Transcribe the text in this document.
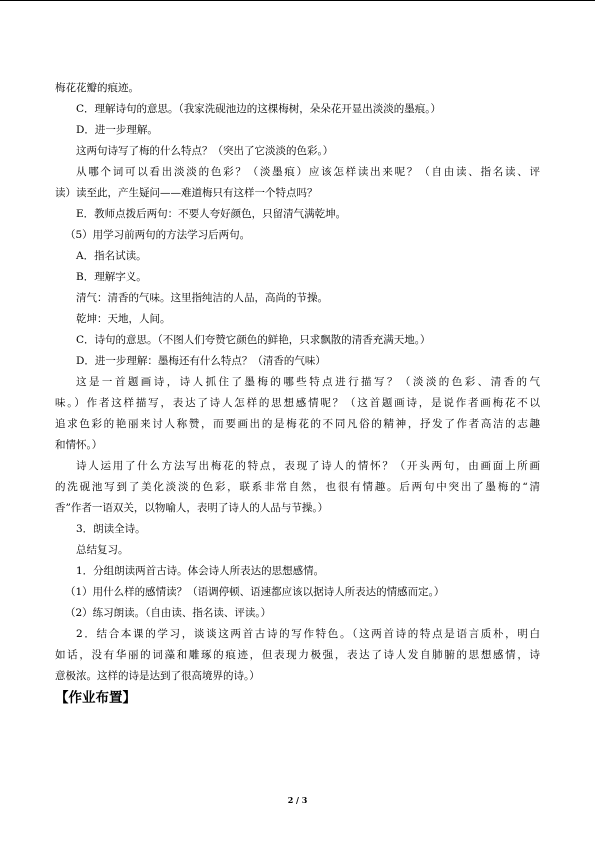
梅花花瓣的痕迹。
C．理解诗句的意思。（我家洗砚池边的这棵梅树，朵朵花开显出淡淡的墨痕。）
D．进一步理解。
这两句诗写了梅的什么特点？（突出了它淡淡的色彩。）
从哪个词可以看出淡淡的色彩？（淡墨痕）应该怎样读出来呢？（自由读、指名读、评
读）读至此，产生疑问——难道梅只有这样一个特点吗？
E．教师点拨后两句：不要人夸好颜色，只留清气满乾坤。
（5）用学习前两句的方法学习后两句。
A．指名试读。
B．理解字义。
清气：清香的气味。这里指纯洁的人品，高尚的节操。
乾坤：天地，人间。
C．诗句的意思。（不图人们夸赞它颜色的鲜艳，只求飘散的清香充满天地。）
D．进一步理解：墨梅还有什么特点？（清香的气味）
这是一首题画诗，诗人抓住了墨梅的哪些特点进行描写？（淡淡的色彩、清香的气
味。）作者这样描写，表达了诗人怎样的思想感情呢？（这首题画诗，是说作者画梅花不以
追求色彩的艳丽来讨人称赞，而要画出的是梅花的不同凡俗的精神，抒发了作者高洁的志趣
和情怀。）
诗人运用了什么方法写出梅花的特点，表现了诗人的情怀？（开头两句，由画面上所画
的洗砚池写到了美化淡淡的色彩，联系非常自然，也很有情趣。后两句中突出了墨梅的“清
香”作者一语双关，以物喻人，表明了诗人的人品与节操。）
3．朗读全诗。
总结复习。
1．分组朗读两首古诗。体会诗人所表达的思想感情。
（1）用什么样的感情读？（语调停顿、语速都应该以据诗人所表达的情感而定。）
（2）练习朗读。（自由读、指名读、评读。）
2．结合本课的学习，谈谈这两首古诗的写作特色。（这两首诗的特点是语言质朴，明白
如话，没有华丽的词藻和雕琢的痕迹，但表现力极强，表达了诗人发自肺腑的思想感情，诗
意极浓。这样的诗是达到了很高境界的诗。）
【作业布置】
2 / 3
